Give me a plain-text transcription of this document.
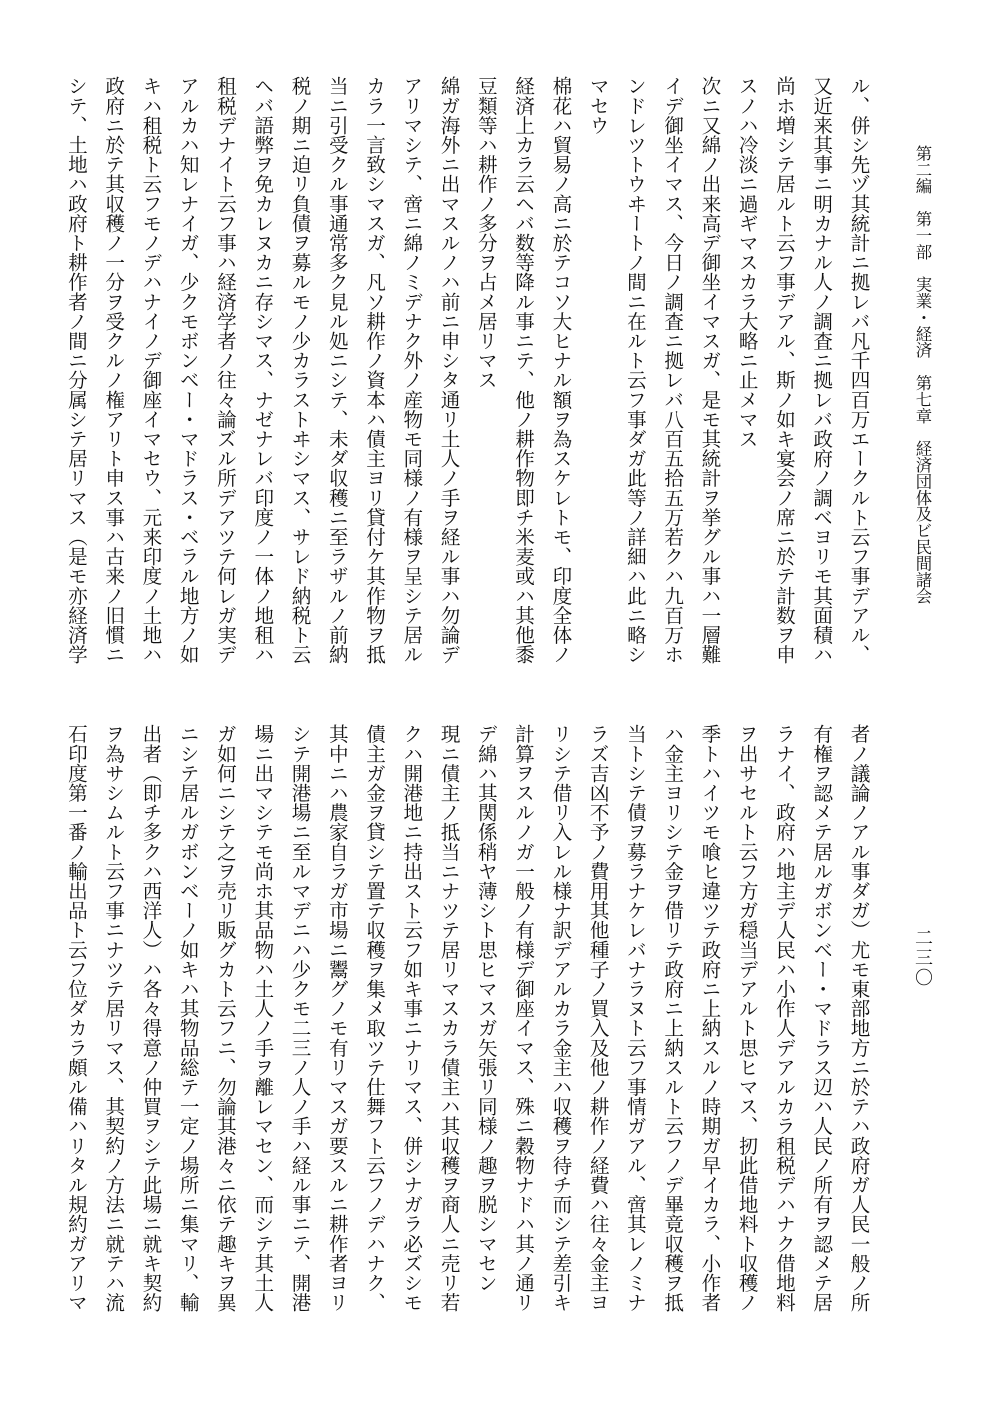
第二編　第一部　実業・経済　第七章　経済団体及ビ民間諸会
二三〇
ル、併シ先ヅ其統計ニ拠レバ凡千四百万エークルト云フ事デアル、
又近来其事ニ明カナル人ノ調査ニ拠レバ政府ノ調ベヨリモ其面積ハ
尚ホ増シテ居ルト云フ事デアル、斯ノ如キ宴会ノ席ニ於テ計数ヲ申
スノハ冷淡ニ過ギマスカラ大略ニ止メマス
次ニ又綿ノ出来高デ御坐イマスガ、是モ其統計ヲ挙グル事ハ一層難
イデ御坐イマス、今日ノ調査ニ拠レバ八百五拾五万若クハ九百万ホ
ンドレツトウヰートノ間ニ在ルト云フ事ダガ此等ノ詳細ハ此ニ略シ
マセウ
棉花ハ貿易ノ高ニ於テコソ大ヒナル額ヲ為スケレトモ、印度全体ノ
経済上カラ云ヘバ数等降ル事ニテ、他ノ耕作物即チ米麦或ハ其他黍
豆類等ハ耕作ノ多分ヲ占メ居リマス
綿ガ海外ニ出マスルノハ前ニ申シタ通リ土人ノ手ヲ経ル事ハ勿論デ
アリマシテ、啻ニ綿ノミデナク外ノ産物モ同様ノ有様ヲ呈シテ居ル
カラ一言致シマスガ、凡ソ耕作ノ資本ハ債主ヨリ貸付ケ其作物ヲ抵
当ニ引受クル事通常多ク見ル処ニシテ、未ダ収穫ニ至ラザルノ前納
税ノ期ニ迫リ負債ヲ募ルモノ少カラストヰシマス、サレド納税ト云
ヘバ語弊ヲ免カレヌカニ存シマス、ナゼナレバ印度ノ一体ノ地租ハ
租税デナイト云フ事ハ経済学者ノ往々論ズル所デアツテ何レガ実デ
アルカハ知レナイガ、少クモボンベー・マドラス・ベラル地方ノ如
キハ租税ト云フモノデハナイノデ御座イマセウ、元来印度ノ土地ハ
政府ニ於テ其収穫ノ一分ヲ受クルノ権アリト申ス事ハ古来ノ旧慣ニ
シテ、土地ハ政府ト耕作者ノ間ニ分属シテ居リマス（是モ亦経済学
者ノ議論ノアル事ダガ）尤モ東部地方ニ於テハ政府ガ人民一般ノ所
有権ヲ認メテ居ルガボンベー・マドラス辺ハ人民ノ所有ヲ認メテ居
ラナイ、政府ハ地主デ人民ハ小作人デアルカラ租税デハナク借地料
ヲ出サセルト云フ方ガ穏当デアルト思ヒマス、扨此借地料ト収穫ノ
季トハイツモ喰ヒ違ツテ政府ニ上納スルノ時期ガ早イカラ、小作者
ハ金主ヨリシテ金ヲ借リテ政府ニ上納スルト云フノデ畢竟収穫ヲ抵
当トシテ債ヲ募ラナケレバナラヌト云フ事情ガアル、啻其レノミナ
ラズ吉凶不予ノ費用其他種子ノ買入及他ノ耕作ノ経費ハ往々金主ヨ
リシテ借リ入レル様ナ訳デアルカラ金主ハ収穫ヲ待チ而シテ差引キ
計算ヲスルノガ一般ノ有様デ御座イマス、殊ニ穀物ナドハ其ノ通リ
デ綿ハ其関係稍ヤ薄シト思ヒマスガ矢張リ同様ノ趣ヲ脱シマセン
現ニ債主ノ抵当ニナツテ居リマスカラ債主ハ其収穫ヲ商人ニ売リ若
クハ開港地ニ持出スト云フ如キ事ニナリマス、併シナガラ必ズシモ
債主ガ金ヲ貸シテ置テ収穫ヲ集メ取ツテ仕舞フト云フノデハナク、
其中ニハ農家自ラガ市場ニ鬻グノモ有リマスガ要スルニ耕作者ヨリ
シテ開港場ニ至ルマデニハ少クモ二三ノ人ノ手ハ経ル事ニテ、開港
場ニ出マシテモ尚ホ其品物ハ土人ノ手ヲ離レマセン、而シテ其土人
ガ如何ニシテ之ヲ売リ販グカト云フニ、勿論其港々ニ依テ趣キヲ異
ニシテ居ルガボンベーノ如キハ其物品総テ一定ノ場所ニ集マリ、輸
出者（即チ多クハ西洋人）ハ各々得意ノ仲買ヲシテ此場ニ就キ契約
ヲ為サシムルト云フ事ニナツテ居リマス、其契約ノ方法ニ就テハ流
石印度第一番ノ輸出品ト云フ位ダカラ頗ル備ハリタル規約ガアリマ
